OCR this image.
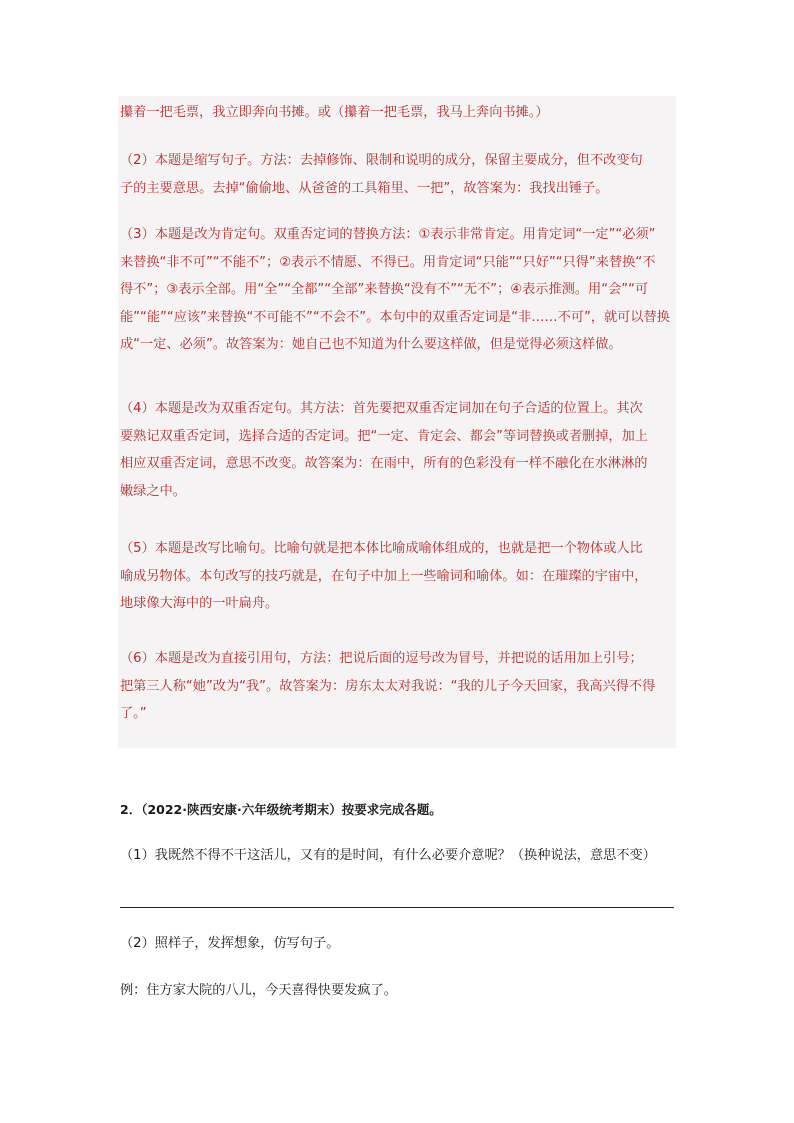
攥着一把毛票，我立即奔向书摊。或（攥着一把毛票，我马上奔向书摊。）
（2）本题是缩写句子。方法：去掉修饰、限制和说明的成分，保留主要成分，但不改变句
子的主要意思。去掉“偷偷地、从爸爸的工具箱里、一把”，故答案为：我找出锤子。
（3）本题是改为肯定句。双重否定词的替换方法：①表示非常肯定。用肯定词“一定”“必须”
来替换“非不可”“不能不”；②表示不情愿、不得已。用肯定词“只能”“只好”“只得”来替换“不
得不”；③表示全部。用“全”“全都”“全部”来替换“没有不”“无不”；④表示推测。用“会”“可
能”“能”“应该”来替换“不可能不”“不会不”。本句中的双重否定词是“非……不可”，就可以替换
成“一定、必须”。故答案为：她自己也不知道为什么要这样做，但是觉得必须这样做。
（4）本题是改为双重否定句。其方法：首先要把双重否定词加在句子合适的位置上。其次
要熟记双重否定词，选择合适的否定词。把“一定、肯定会、都会”等词替换或者删掉，加上
相应双重否定词，意思不改变。故答案为：在雨中，所有的色彩没有一样不融化在水淋淋的
嫩绿之中。
（5）本题是改写比喻句。比喻句就是把本体比喻成喻体组成的，也就是把一个物体或人比
喻成另物体。本句改写的技巧就是，在句子中加上一些喻词和喻体。如：在璀璨的宇宙中，
地球像大海中的一叶扁舟。
（6）本题是改为直接引用句，方法：把说后面的逗号改为冒号，并把说的话用加上引号；
把第三人称“她”改为“我”。故答案为：房东太太对我说：“我的儿子今天回家，我高兴得不得
了。”

2．（2022·陕西安康·六年级统考期末）按要求完成各题。

（1）我既然不得不干这活儿，又有的是时间，有什么必要介意呢？（换种说法，意思不变）

（2）照样子，发挥想象，仿写句子。

例：住方家大院的八儿，今天喜得快要发疯了。
